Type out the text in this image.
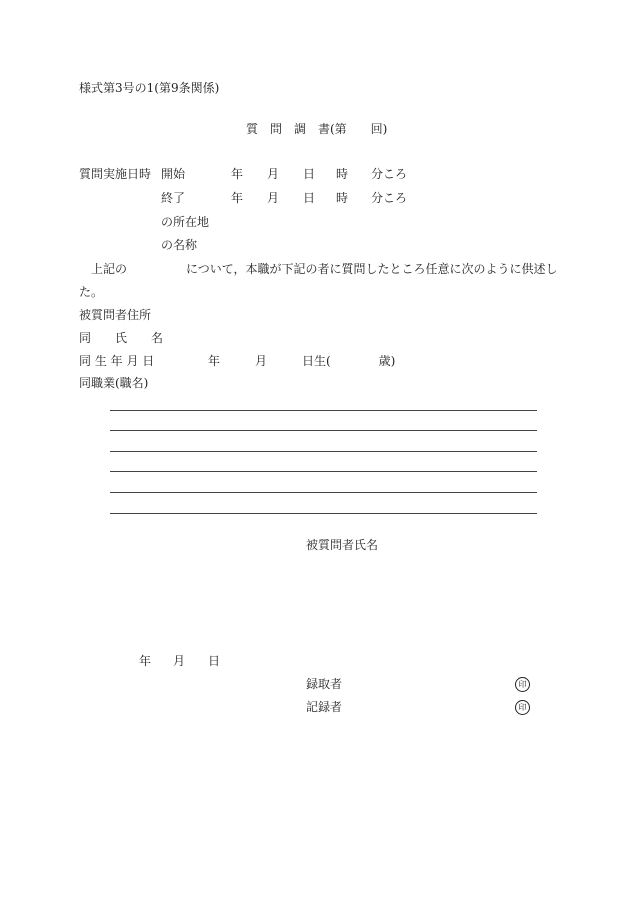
様式第3号の1(第9条関係)
質　問　調　書(第　　回)
質問実施日時 開始	年 月 日 時 分ころ
終了	年 月 日 時 分ころ
の所在地
の名称
上記の	について，本職が下記の者に質問したところ任意に次のように供述し
た。
被質問者住所
同　　氏　　名
同 生 年 月 日	年	月	日生(　　　　歳)
同職業(職名)
被質問者氏名
年 月 日
録取者	印
記録者	印
